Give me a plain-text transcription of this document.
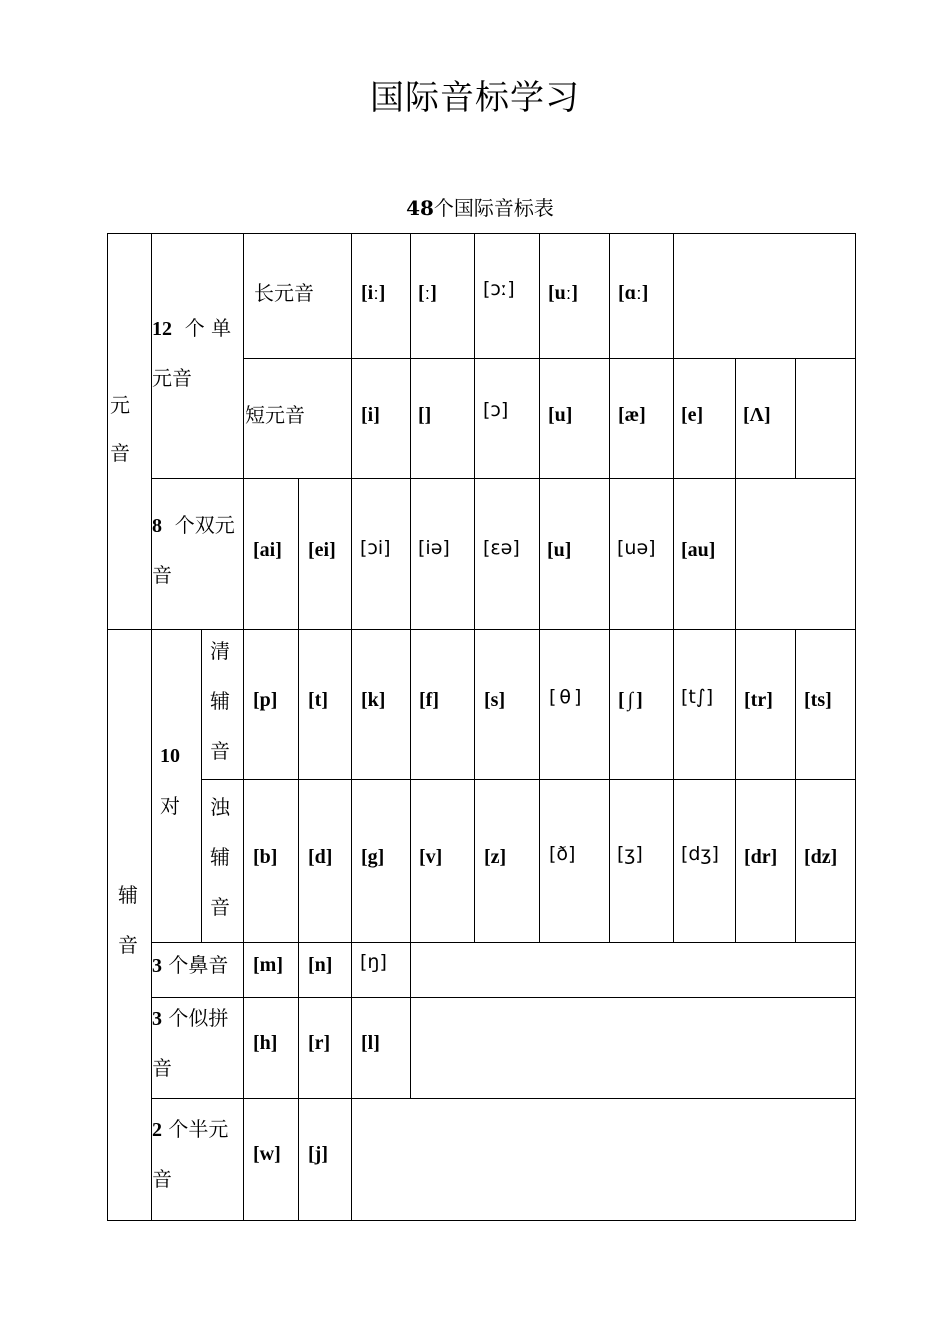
国际音标学习
48个国际音标表
元
音
12  个 单
元音
长元音 [iː] [ː] [ɔː] [uː] [ɑː]
短元音	[i] []	[ɔ] [u] [æ] [e] [Λ]
8  个双元
音
[ai] [ei] [ɔi] [iə] [εə] [u] [uə] [au]
辅
音
10
对
清
辅
音
浊
辅
音
[p] [t] [k] [f] [s] [θ] [∫] [t∫] [tr] [ts]
[b] [d] [g] [v] [z] [ð] [ʒ] [dʒ] [dr] [dz]
3 个鼻音 [m] [n] [ŋ]
3 个似拼
音
[h] [r] [l]
2 个半元
音
[w] [j]
